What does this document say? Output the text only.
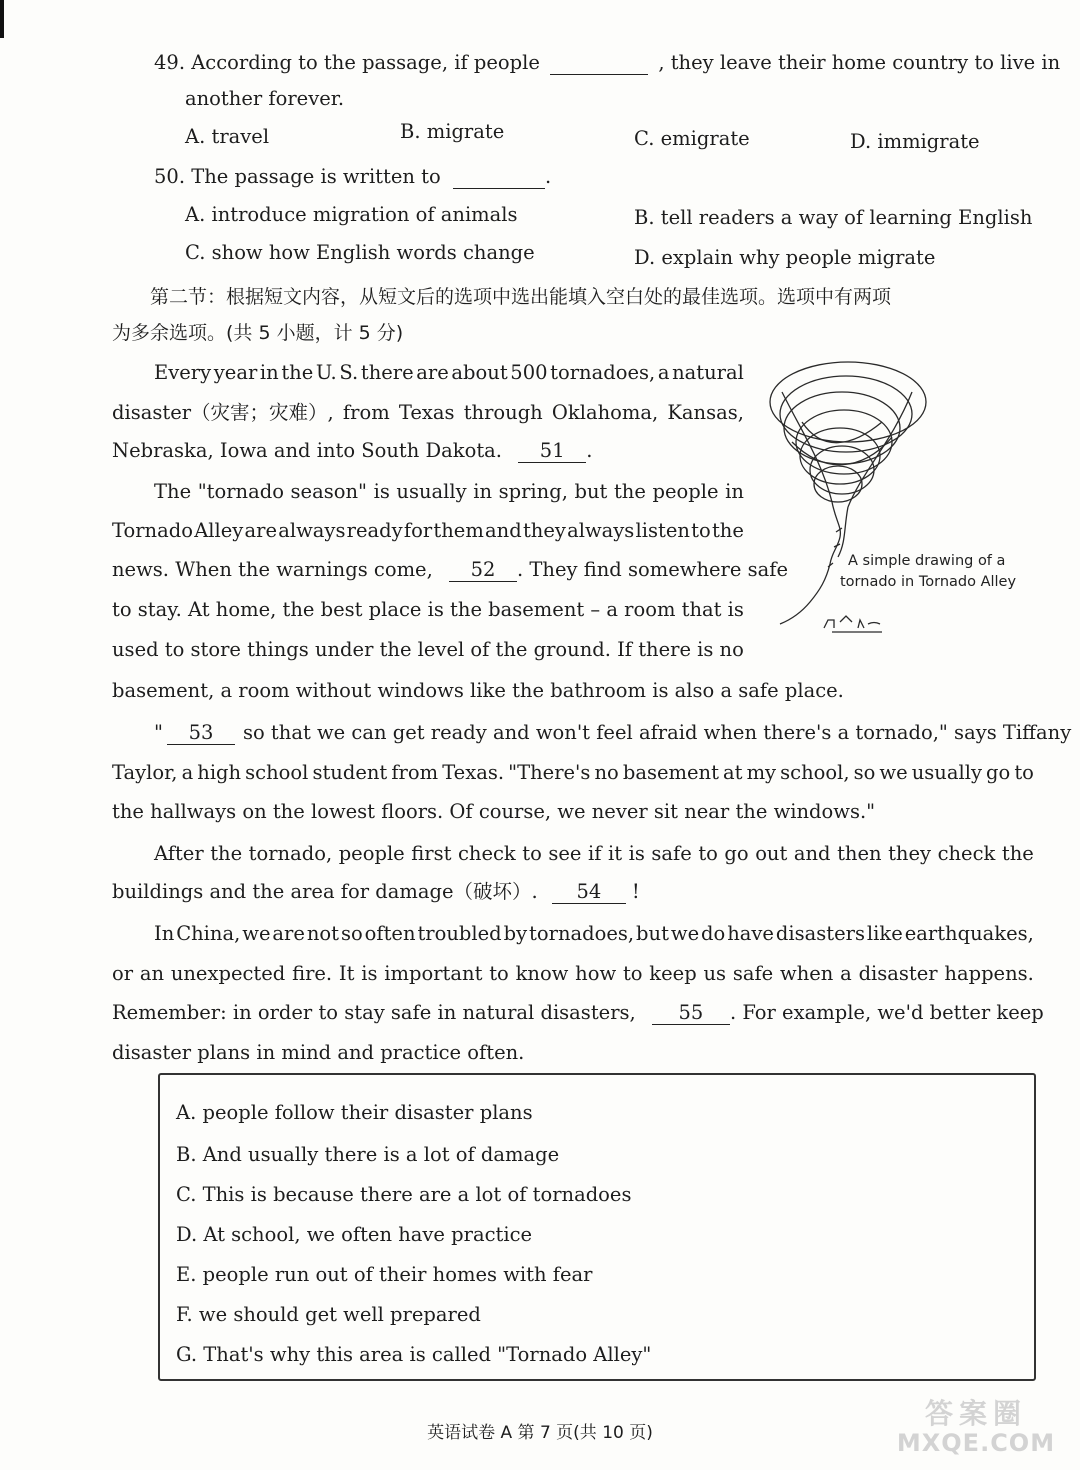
49. According to the passage, if people	, they leave their home country to live in
another forever.
A. travel	B. migrate	C. emigrate	D. immigrate
50. The passage is written to	.
A. introduce migration of animals	B. tell readers a way of learning English
C. show how English words change	D. explain why people migrate
第二节：根据短文内容，从短文后的选项中选出能填入空白处的最佳选项。选项中有两项
为多余选项。(共 5 小题，计 5 分)
Every year in the U. S. there are about 500 tornadoes, a natural
disaster（灾害；灾难）, from Texas through Oklahoma, Kansas,
Nebraska, Iowa and into South Dakota. 51 .
The "tornado season" is usually in spring, but the people in
Tornado Alley are always ready for them and they always listen to the
news. When the warnings come, 52 . They find somewhere safe
to stay. At home, the best place is the basement – a room that is
used to store things under the level of the ground. If there is no
basement, a room without windows like the bathroom is also a safe place.
A simple drawing of a
tornado in Tornado Alley
" 53 so that we can get ready and won't feel afraid when there's a tornado," says Tiffany
Taylor, a high school student from Texas. "There's no basement at my school, so we usually go to
the hallways on the lowest floors. Of course, we never sit near the windows."
After the tornado, people first check to see if it is safe to go out and then they check the
buildings and the area for damage（破坏）. 54 !
In China, we are not so often troubled by tornadoes, but we do have disasters like earthquakes,
or an unexpected fire. It is important to know how to keep us safe when a disaster happens.
Remember: in order to stay safe in natural disasters, 55 . For example, we'd better keep
disaster plans in mind and practice often.
A. people follow their disaster plans
B. And usually there is a lot of damage
C. This is because there are a lot of tornadoes
D. At school, we often have practice
E. people run out of their homes with fear
F. we should get well prepared
G. That's why this area is called "Tornado Alley"
英语试卷 A 第 7 页(共 10 页)
答案圈
MXQE.COM
